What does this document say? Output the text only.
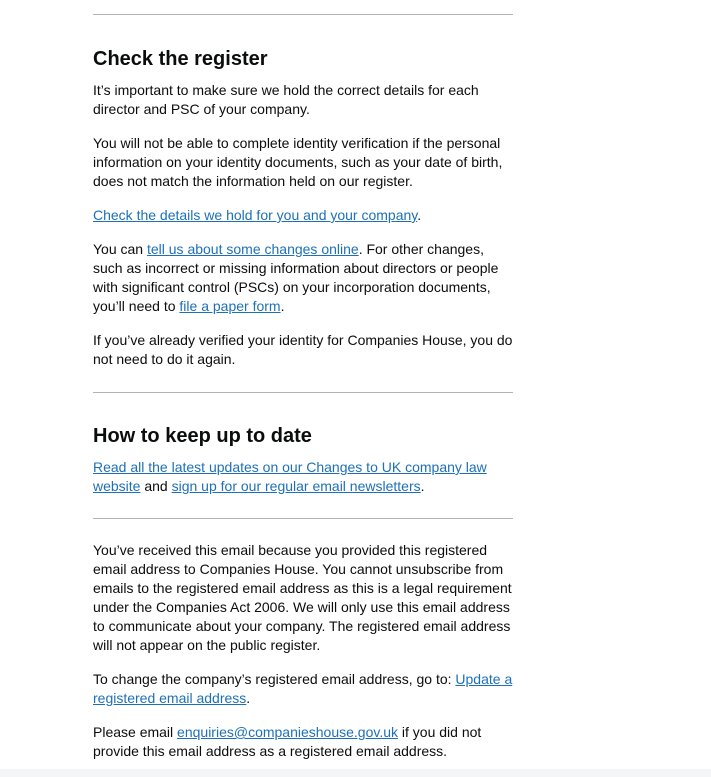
Check the register

It’s important to make sure we hold the correct details for each director and PSC of your company.

You will not be able to complete identity verification if the personal information on your identity documents, such as your date of birth, does not match the information held on our register.

Check the details we hold for you and your company.

You can tell us about some changes online. For other changes, such as incorrect or missing information about directors or people with significant control (PSCs) on your incorporation documents, you’ll need to file a paper form.

If you’ve already verified your identity for Companies House, you do not need to do it again.

How to keep up to date

Read all the latest updates on our Changes to UK company law website and sign up for our regular email newsletters.

You’ve received this email because you provided this registered email address to Companies House. You cannot unsubscribe from emails to the registered email address as this is a legal requirement under the Companies Act 2006. We will only use this email address to communicate about your company. The registered email address will not appear on the public register.

To change the company’s registered email address, go to: Update a registered email address.

Please email enquiries@companieshouse.gov.uk if you did not provide this email address as a registered email address.
